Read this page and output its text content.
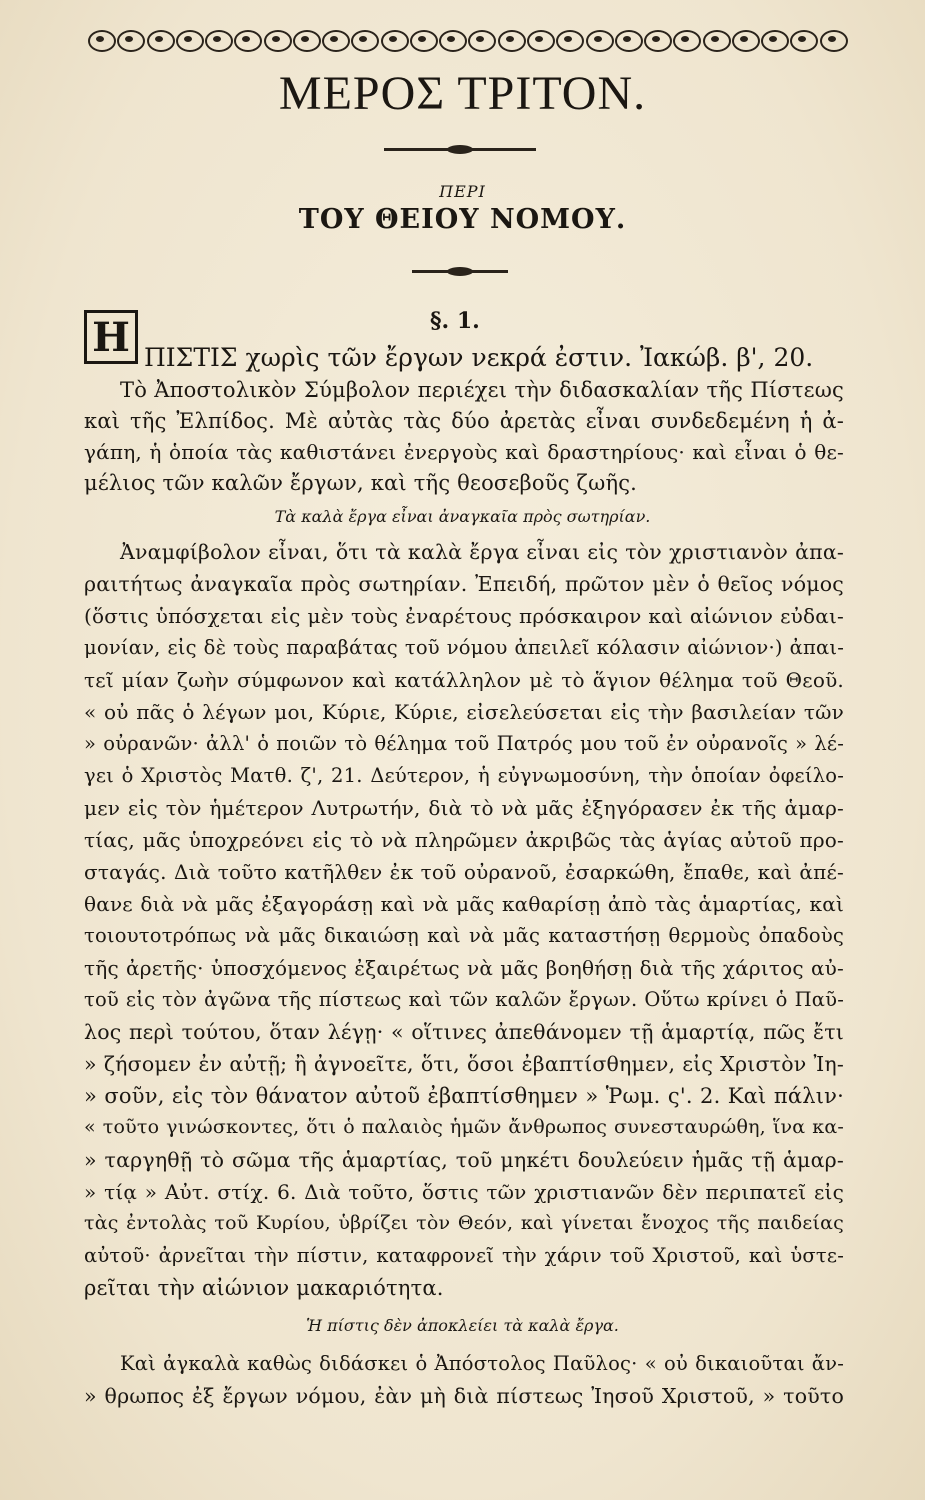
ΜΕΡΟΣ ΤΡΙΤΟΝ.
ΠΕΡΙ
ΤΟΥ ΘΕΙΟΥ ΝΟΜΟΥ.
§. 1.
Η ΠΙΣΤΙΣ χωρὶς τῶν ἔργων νεκρά ἐστιν. Ἰακώβ. β', 20.
Τὸ Ἀποστολικὸν Σύμβολον περιέχει τὴν διδασκαλίαν τῆς Πίστεως
καὶ τῆς Ἐλπίδος. Μὲ αὐτὰς τὰς δύο ἀρετὰς εἶναι συνδεδεμένη ἡ ἀ-
γάπη, ἡ ὁποία τὰς καθιστάνει ἐνεργοὺς καὶ δραστηρίους· καὶ εἶναι ὁ θε-
μέλιος τῶν καλῶν ἔργων, καὶ τῆς θεοσεβοῦς ζωῆς.
Τὰ καλὰ ἔργα εἶναι ἀναγκαῖα πρὸς σωτηρίαν.
Ἀναμφίβολον εἶναι, ὅτι τὰ καλὰ ἔργα εἶναι εἰς τὸν χριστιανὸν ἀπα-
ραιτήτως ἀναγκαῖα πρὸς σωτηρίαν. Ἐπειδή, πρῶτον μὲν ὁ θεῖος νόμος
(ὅστις ὑπόσχεται εἰς μὲν τοὺς ἐναρέτους πρόσκαιρον καὶ αἰώνιον εὐδαι-
μονίαν, εἰς δὲ τοὺς παραβάτας τοῦ νόμου ἀπειλεῖ κόλασιν αἰώνιον·) ἀπαι-
τεῖ μίαν ζωὴν σύμφωνον καὶ κατάλληλον μὲ τὸ ἅγιον θέλημα τοῦ Θεοῦ.
« οὐ πᾶς ὁ λέγων μοι, Κύριε, Κύριε, εἰσελεύσεται εἰς τὴν βασιλείαν τῶν
» οὐρανῶν· ἀλλ' ὁ ποιῶν τὸ θέλημα τοῦ Πατρός μου τοῦ ἐν οὐρανοῖς » λέ-
γει ὁ Χριστὸς Ματθ. ζ', 21. Δεύτερον, ἡ εὐγνωμοσύνη, τὴν ὁποίαν ὀφείλο-
μεν εἰς τὸν ἡμέτερον Λυτρωτήν, διὰ τὸ νὰ μᾶς ἐξηγόρασεν ἐκ τῆς ἁμαρ-
τίας, μᾶς ὑποχρεόνει εἰς τὸ νὰ πληρῶμεν ἀκριβῶς τὰς ἁγίας αὐτοῦ προ-
σταγάς. Διὰ τοῦτο κατῆλθεν ἐκ τοῦ οὐρανοῦ, ἐσαρκώθη, ἔπαθε, καὶ ἀπέ-
θανε διὰ νὰ μᾶς ἐξαγοράσῃ καὶ νὰ μᾶς καθαρίσῃ ἀπὸ τὰς ἁμαρτίας, καὶ
τοιουτοτρόπως νὰ μᾶς δικαιώσῃ καὶ νὰ μᾶς καταστήσῃ θερμοὺς ὀπαδοὺς
τῆς ἀρετῆς· ὑποσχόμενος ἐξαιρέτως νὰ μᾶς βοηθήσῃ διὰ τῆς χάριτος αὐ-
τοῦ εἰς τὸν ἀγῶνα τῆς πίστεως καὶ τῶν καλῶν ἔργων. Οὕτω κρίνει ὁ Παῦ-
λος περὶ τούτου, ὅταν λέγῃ· « οἵτινες ἀπεθάνομεν τῇ ἁμαρτίᾳ, πῶς ἔτι
» ζήσομεν ἐν αὐτῇ; ἢ ἀγνοεῖτε, ὅτι, ὅσοι ἐβαπτίσθημεν, εἰς Χριστὸν Ἰη-
» σοῦν, εἰς τὸν θάνατον αὐτοῦ ἐβαπτίσθημεν » Ῥωμ. ς'. 2. Καὶ πάλιν·
« τοῦτο γινώσκοντες, ὅτι ὁ παλαιὸς ἡμῶν ἄνθρωπος συνεσταυρώθη, ἵνα κα-
» ταργηθῇ τὸ σῶμα τῆς ἁμαρτίας, τοῦ μηκέτι δουλεύειν ἡμᾶς τῇ ἁμαρ-
» τίᾳ » Αὐτ. στίχ. 6. Διὰ τοῦτο, ὅστις τῶν χριστιανῶν δὲν περιπατεῖ εἰς
τὰς ἐντολὰς τοῦ Κυρίου, ὑβρίζει τὸν Θεόν, καὶ γίνεται ἔνοχος τῆς παιδείας
αὐτοῦ· ἀρνεῖται τὴν πίστιν, καταφρονεῖ τὴν χάριν τοῦ Χριστοῦ, καὶ ὑστε-
ρεῖται τὴν αἰώνιον μακαριότητα.
Ἡ πίστις δὲν ἀποκλείει τὰ καλὰ ἔργα.
Καὶ ἀγκαλὰ καθὼς διδάσκει ὁ Ἀπόστολος Παῦλος· « οὐ δικαιοῦται ἄν-
» θρωπος ἐξ ἔργων νόμου, ἐὰν μὴ διὰ πίστεως Ἰησοῦ Χριστοῦ, » τοῦτο
